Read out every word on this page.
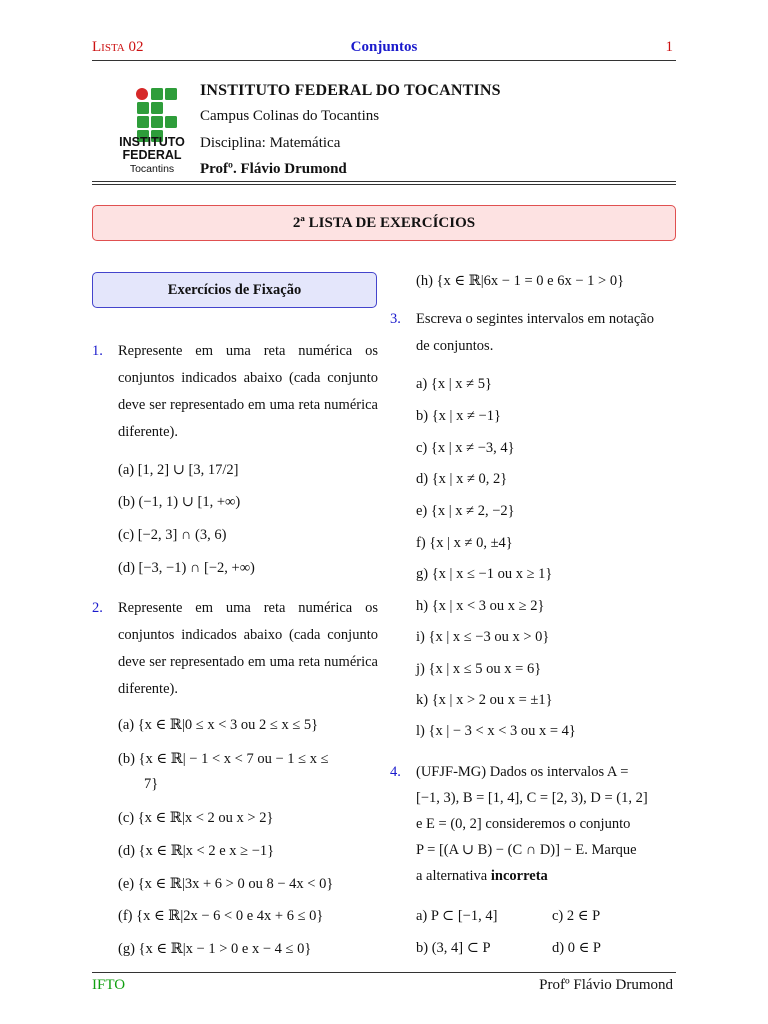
Lista 02	Conjuntos	1
INSTITUTO
FEDERAL
Tocantins
INSTITUTO FEDERAL DO TOCANTINS
Campus Colinas do Tocantins
Disciplina: Matemática
Profº. Flávio Drumond
2ª LISTA DE EXERCÍCIOS
Exercícios de Fixação
1. Represente em uma reta numérica os conjuntos indicados abaixo (cada conjunto deve ser representado em uma reta numérica diferente).
(a) [1, 2] ∪ [3, 17/2]
(b) (−1, 1) ∪ [1, +∞)
(c) [−2, 3] ∩ (3, 6)
(d) [−3, −1) ∩ [−2, +∞)
2. Represente em uma reta numérica os conjuntos indicados abaixo (cada conjunto deve ser representado em uma reta numérica diferente).
(a) {x ∈ ℝ|0 ≤ x < 3 ou 2 ≤ x ≤ 5}
(b) {x ∈ ℝ| − 1 < x < 7 ou − 1 ≤ x ≤
7}
(c) {x ∈ ℝ|x < 2 ou x > 2}
(d) {x ∈ ℝ|x < 2 e x ≥ −1}
(e) {x ∈ ℝ|3x + 6 > 0 ou 8 − 4x < 0}
(f) {x ∈ ℝ|2x − 6 < 0 e 4x + 6 ≤ 0}
(g) {x ∈ ℝ|x − 1 > 0 e x − 4 ≤ 0}
(h) {x ∈ ℝ|6x − 1 = 0 e 6x − 1 > 0}
3. Escreva o segintes intervalos em notação
de conjuntos.
a) {x | x ≠ 5}
b) {x | x ≠ −1}
c) {x | x ≠ −3, 4}
d) {x | x ≠ 0, 2}
e) {x | x ≠ 2, −2}
f) {x | x ≠ 0, ±4}
g) {x | x ≤ −1 ou x ≥ 1}
h) {x | x < 3 ou x ≥ 2}
i) {x | x ≤ −3 ou x > 0}
j) {x | x ≤ 5 ou x = 6}
k) {x | x > 2 ou x = ±1}
l) {x | − 3 < x < 3 ou x = 4}
4. (UFJF-MG) Dados os intervalos A =
[−1, 3), B = [1, 4], C = [2, 3), D = (1, 2]
e E = (0, 2] consideremos o conjunto
P = [(A ∪ B) − (C ∩ D)] − E. Marque
a alternativa incorreta
a) P ⊂ [−1, 4]	c) 2 ∈ P
b) (3, 4] ⊂ P	d) 0 ∈ P
IFTO	Profº Flávio Drumond
